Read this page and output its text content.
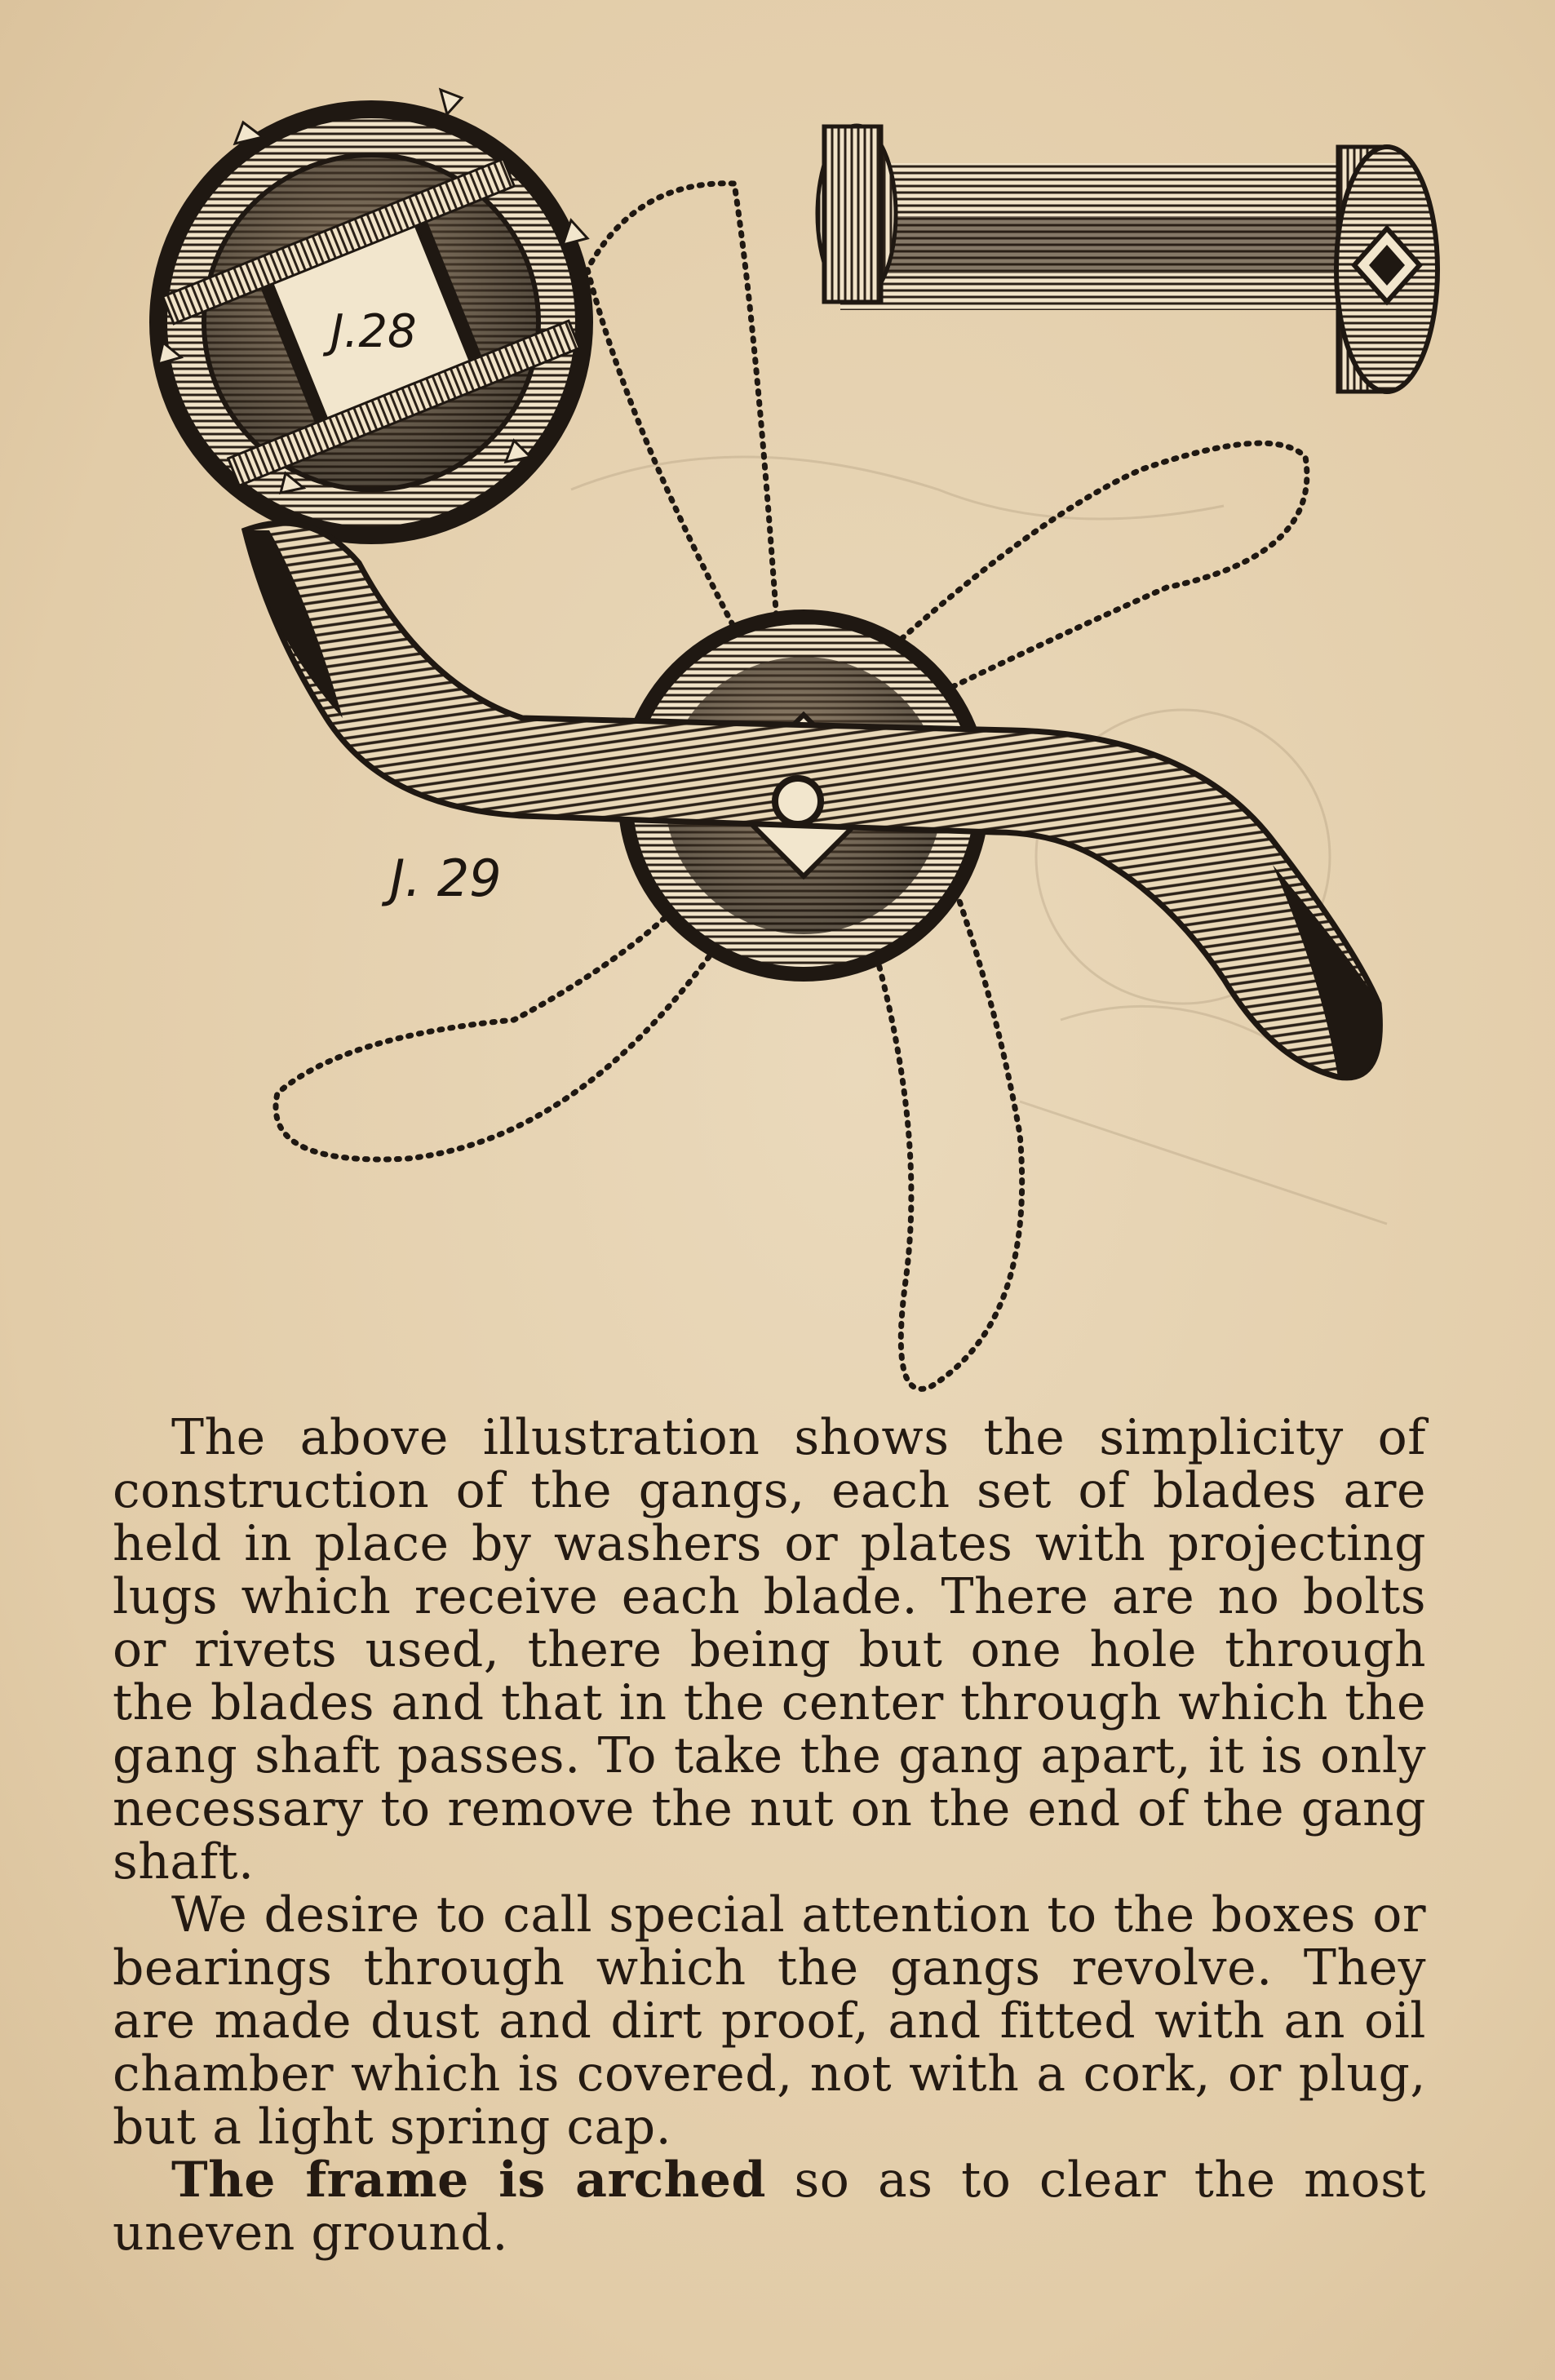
J.28
J. 29

The above illustration shows the simplicity of construction of the gangs, each set of blades are held in place by washers or plates with projecting lugs which receive each blade. There are no bolts or rivets used, there being but one hole through the blades and that in the center through which the gang shaft passes. To take the gang apart, it is only necessary to remove the nut on the end of the gang shaft.

We desire to call special attention to the boxes or bearings through which the gangs revolve. They are made dust and dirt proof, and fitted with an oil chamber which is covered, not with a cork, or plug, but a light spring cap.

The frame is arched so as to clear the most uneven ground.
